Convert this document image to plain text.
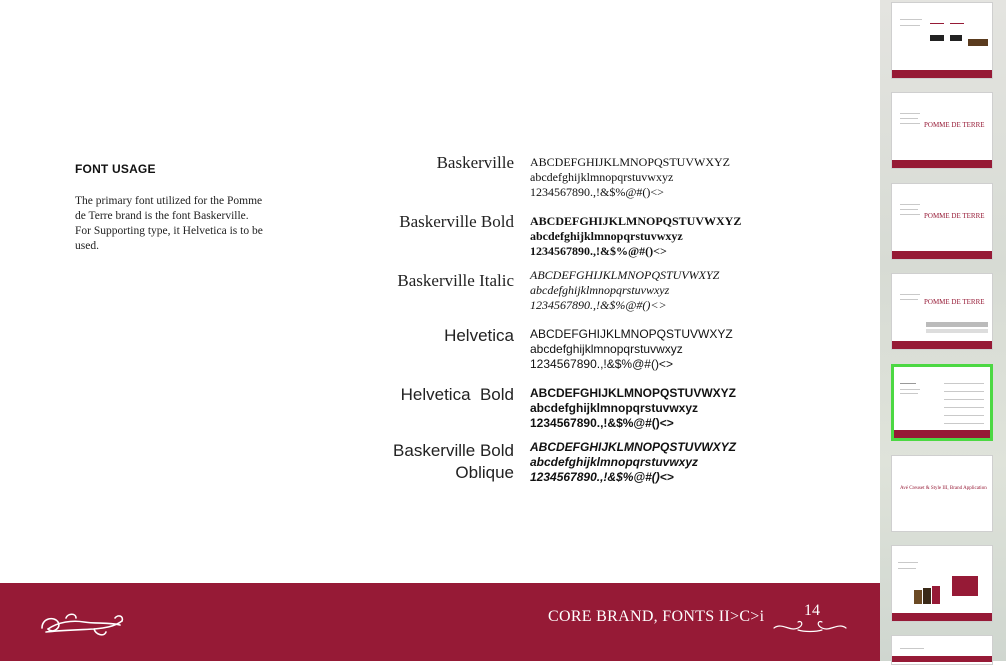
FONT USAGE
The primary font utilized for the Pomme de Terre brand is the font Baskerville. For Supporting type, it Helvetica is to be used.
Baskerville ABCDEFGHIJKLMNOPQSTUVWXYZ
abcdefghijklmnopqrstuvwxyz
1234567890.,!&$%@#()<>
Baskerville Bold ABCDEFGHIJKLMNOPQSTUVWXYZ
abcdefghijklmnopqrstuvwxyz
1234567890.,!&$%@#()<>
Baskerville Italic ABCDEFGHIJKLMNOPQSTUVWXYZ
abcdefghijklmnopqrstuvwxyz
1234567890.,!&$%@#()<>
Helvetica ABCDEFGHIJKLMNOPQSTUVWXYZ
abcdefghijklmnopqrstuvwxyz
1234567890.,!&$%@#()<>
Helvetica  Bold ABCDEFGHIJKLMNOPQSTUVWXYZ
abcdefghijklmnopqrstuvwxyz
1234567890.,!&$%@#()<>
Baskerville Bold
Oblique
ABCDEFGHIJKLMNOPQSTUVWXYZ
abcdefghijklmnopqrstuvwxyz
1234567890.,!&$%@#()<>
CORE BRAND, FONTS II>C>i 14
POMME DE TERRE
POMME DE TERRE
POMME DE TERRE
Avé Creuset & Style III, Brand Application
